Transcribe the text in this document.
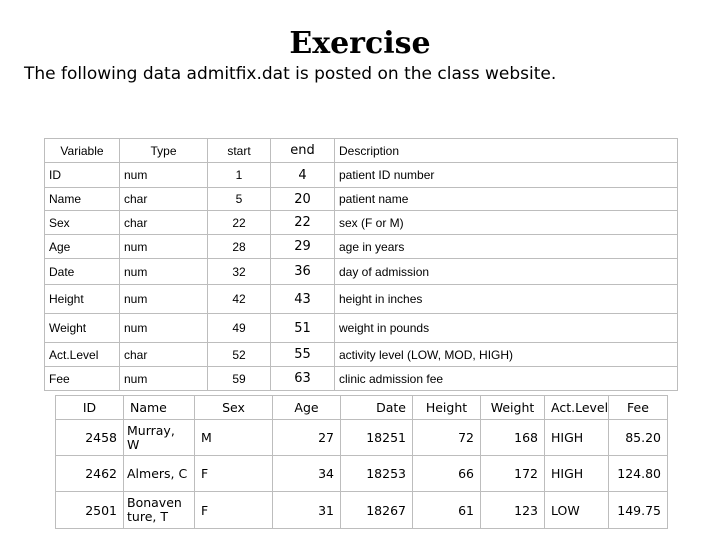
Exercise
The following data admitfix.dat is posted on the class website.
Variable	Type	start	end	Description
ID	num	1	4	patient ID number
Name	char	5	20	patient name
Sex	char	22	22	sex (F or M)
Age	num	28	29	age in years
Date	num	32	36	day of admission
Height	num	42	43	height in inches
Weight	num	49	51	weight in pounds
Act.Level	char	52	55	activity level (LOW, MOD, HIGH)
Fee	num	59	63	clinic admission fee
ID	Name	Sex	Age	Date	Height	Weight	Act.Level	Fee
2458	Murray, W	M	27	18251	72	168	HIGH	85.20
2462	Almers, C	F	34	18253	66	172	HIGH	124.80
2501	Bonaven ture, T	F	31	18267	61	123	LOW	149.75
